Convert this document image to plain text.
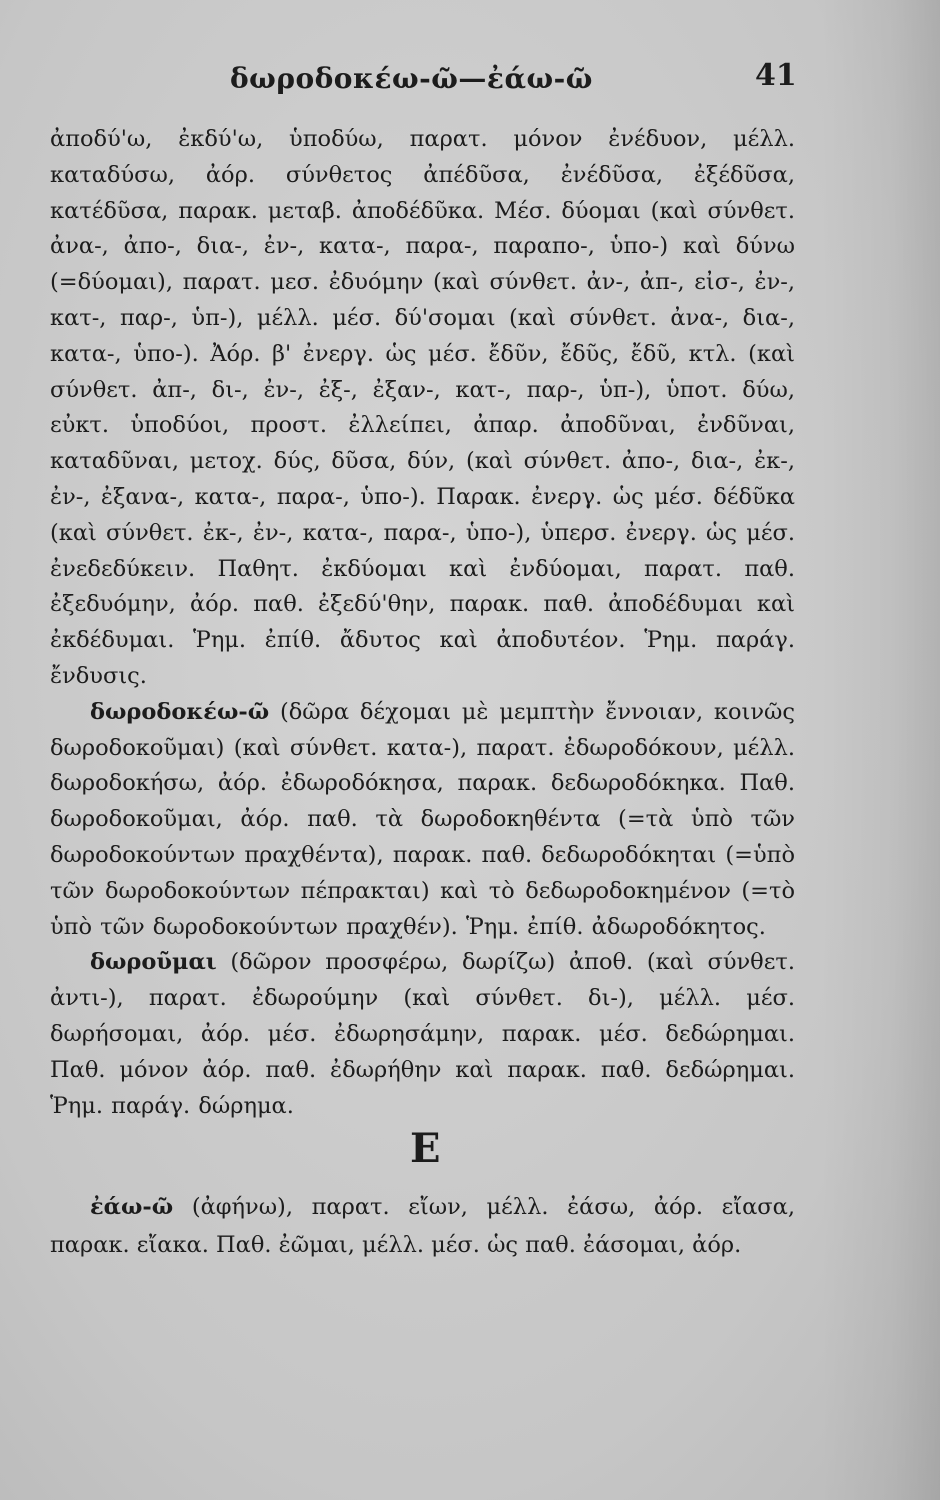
δωροδοκέω-ῶ—ἐάω-ῶ	41

ἀποδύ'ω, ἐκδύ'ω, ὑποδύω, παρατ. μόνον ἐνέδυον, μέλλ. καταδύσω, ἀόρ. σύνθετος ἀπέδῦσα, ἐνέδῦσα, ἐξέδῦσα, κατέδῦσα, παρακ. μεταβ. ἀποδέδῦκα. Μέσ. δύομαι (καὶ σύνθετ. ἀνα-, ἀπο-, δια-, ἐν-, κατα-, παρα-, παραπο-, ὑπο-) καὶ δύνω (=δύομαι), παρατ. μεσ. ἐδυόμην (καὶ σύνθετ. ἀν-, ἀπ-, εἰσ-, ἐν-, κατ-, παρ-, ὑπ-), μέλλ. μέσ. δύ'σομαι (καὶ σύνθετ. ἀνα-, δια-, κατα-, ὑπο-). Ἀόρ. β' ἐνεργ. ὡς μέσ. ἔδῦν, ἔδῦς, ἔδῦ, κτλ. (καὶ σύνθετ. ἀπ-, δι-, ἐν-, ἐξ-, ἐξαν-, κατ-, παρ-, ὑπ-), ὑποτ. δύω, εὐκτ. ὑποδύοι, προστ. ἐλλείπει, ἀπαρ. ἀποδῦναι, ἐνδῦναι, καταδῦναι, μετοχ. δύς, δῦσα, δύν, (καὶ σύνθετ. ἀπο-, δια-, ἐκ-, ἐν-, ἐξανα-, κατα-, παρα-, ὑπο-). Παρακ. ἐνεργ. ὡς μέσ. δέδῦκα (καὶ σύνθετ. ἐκ-, ἐν-, κατα-, παρα-, ὑπο-), ὑπερσ. ἐνεργ. ὡς μέσ. ἐνεδεδύκειν. Παθητ. ἐκδύομαι καὶ ἐνδύομαι, παρατ. παθ. ἐξεδυόμην, ἀόρ. παθ. ἐξεδύ'θην, παρακ. παθ. ἀποδέδυμαι καὶ ἐκδέδυμαι. Ῥημ. ἐπίθ. ἄδυτος καὶ ἀποδυτέον. Ῥημ. παράγ. ἔνδυσις.

δωροδοκέω-ῶ (δῶρα δέχομαι μὲ μεμπτὴν ἔννοιαν, κοινῶς δωροδοκοῦμαι) (καὶ σύνθετ. κατα-), παρατ. ἐδωροδόκουν, μέλλ. δωροδοκήσω, ἀόρ. ἐδωροδόκησα, παρακ. δεδωροδόκηκα. Παθ. δωροδοκοῦμαι, ἀόρ. παθ. τὰ δωροδοκηθέντα (=τὰ ὑπὸ τῶν δωροδοκούντων πραχθέντα), παρακ. παθ. δεδωροδόκηται (=ὑπὸ τῶν δωροδοκούντων πέπρακται) καὶ τὸ δεδωροδοκημένον (=τὸ ὑπὸ τῶν δωροδοκούντων πραχθέν). Ῥημ. ἐπίθ. ἀδωροδόκητος.

δωροῦμαι (δῶρον προσφέρω, δωρίζω) ἀποθ. (καὶ σύνθετ. ἀντι-), παρατ. ἐδωρούμην (καὶ σύνθετ. δι-), μέλλ. μέσ. δωρήσομαι, ἀόρ. μέσ. ἐδωρησάμην, παρακ. μέσ. δεδώρημαι. Παθ. μόνον ἀόρ. παθ. ἐδωρήθην καὶ παρακ. παθ. δεδώρημαι. Ῥημ. παράγ. δώρημα.

Ε

ἐάω-ῶ (ἀφήνω), παρατ. εἴων, μέλλ. ἐάσω, ἀόρ. εἴασα, παρακ. εἴακα. Παθ. ἐῶμαι, μέλλ. μέσ. ὡς παθ. ἐάσομαι, ἀόρ.
